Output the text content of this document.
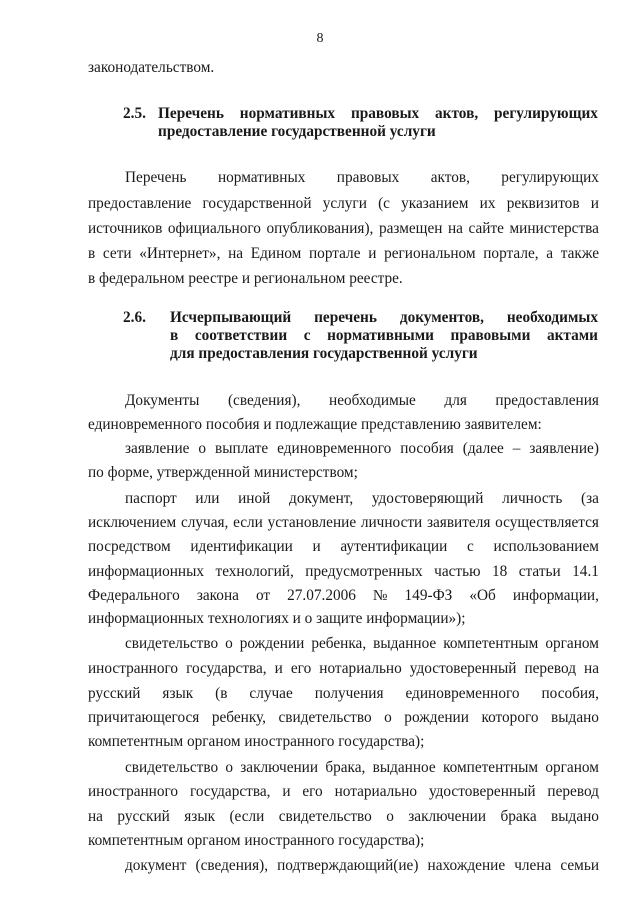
8
законодательством.
2.5. Перечень нормативных правовых актов, регулирующих
предоставление государственной услуги
Перечень нормативных правовых актов, регулирующих
предоставление государственной услуги (с указанием их реквизитов и
источников официального опубликования), размещен на сайте министерства
в сети «Интернет», на Едином портале и региональном портале, а также
в федеральном реестре и региональном реестре.
2.6. Исчерпывающий перечень документов, необходимых
в соответствии с нормативными правовыми актами
для предоставления государственной услуги
Документы (сведения), необходимые для предоставления
единовременного пособия и подлежащие представлению заявителем:
заявление о выплате единовременного пособия (далее – заявление)
по форме, утвержденной министерством;
паспорт или иной документ, удостоверяющий личность (за
исключением случая, если установление личности заявителя осуществляется
посредством идентификации и аутентификации с использованием
информационных технологий, предусмотренных частью 18 статьи 14.1
Федерального закона от 27.07.2006 № 149-ФЗ «Об информации,
информационных технологиях и о защите информации»);
свидетельство о рождении ребенка, выданное компетентным органом
иностранного государства, и его нотариально удостоверенный перевод на
русский язык (в случае получения единовременного пособия,
причитающегося ребенку, свидетельство о рождении которого выдано
компетентным органом иностранного государства);
свидетельство о заключении брака, выданное компетентным органом
иностранного государства, и его нотариально удостоверенный перевод
на русский язык (если свидетельство о заключении брака выдано
компетентным органом иностранного государства);
документ (сведения), подтверждающий(ие) нахождение члена семьи
